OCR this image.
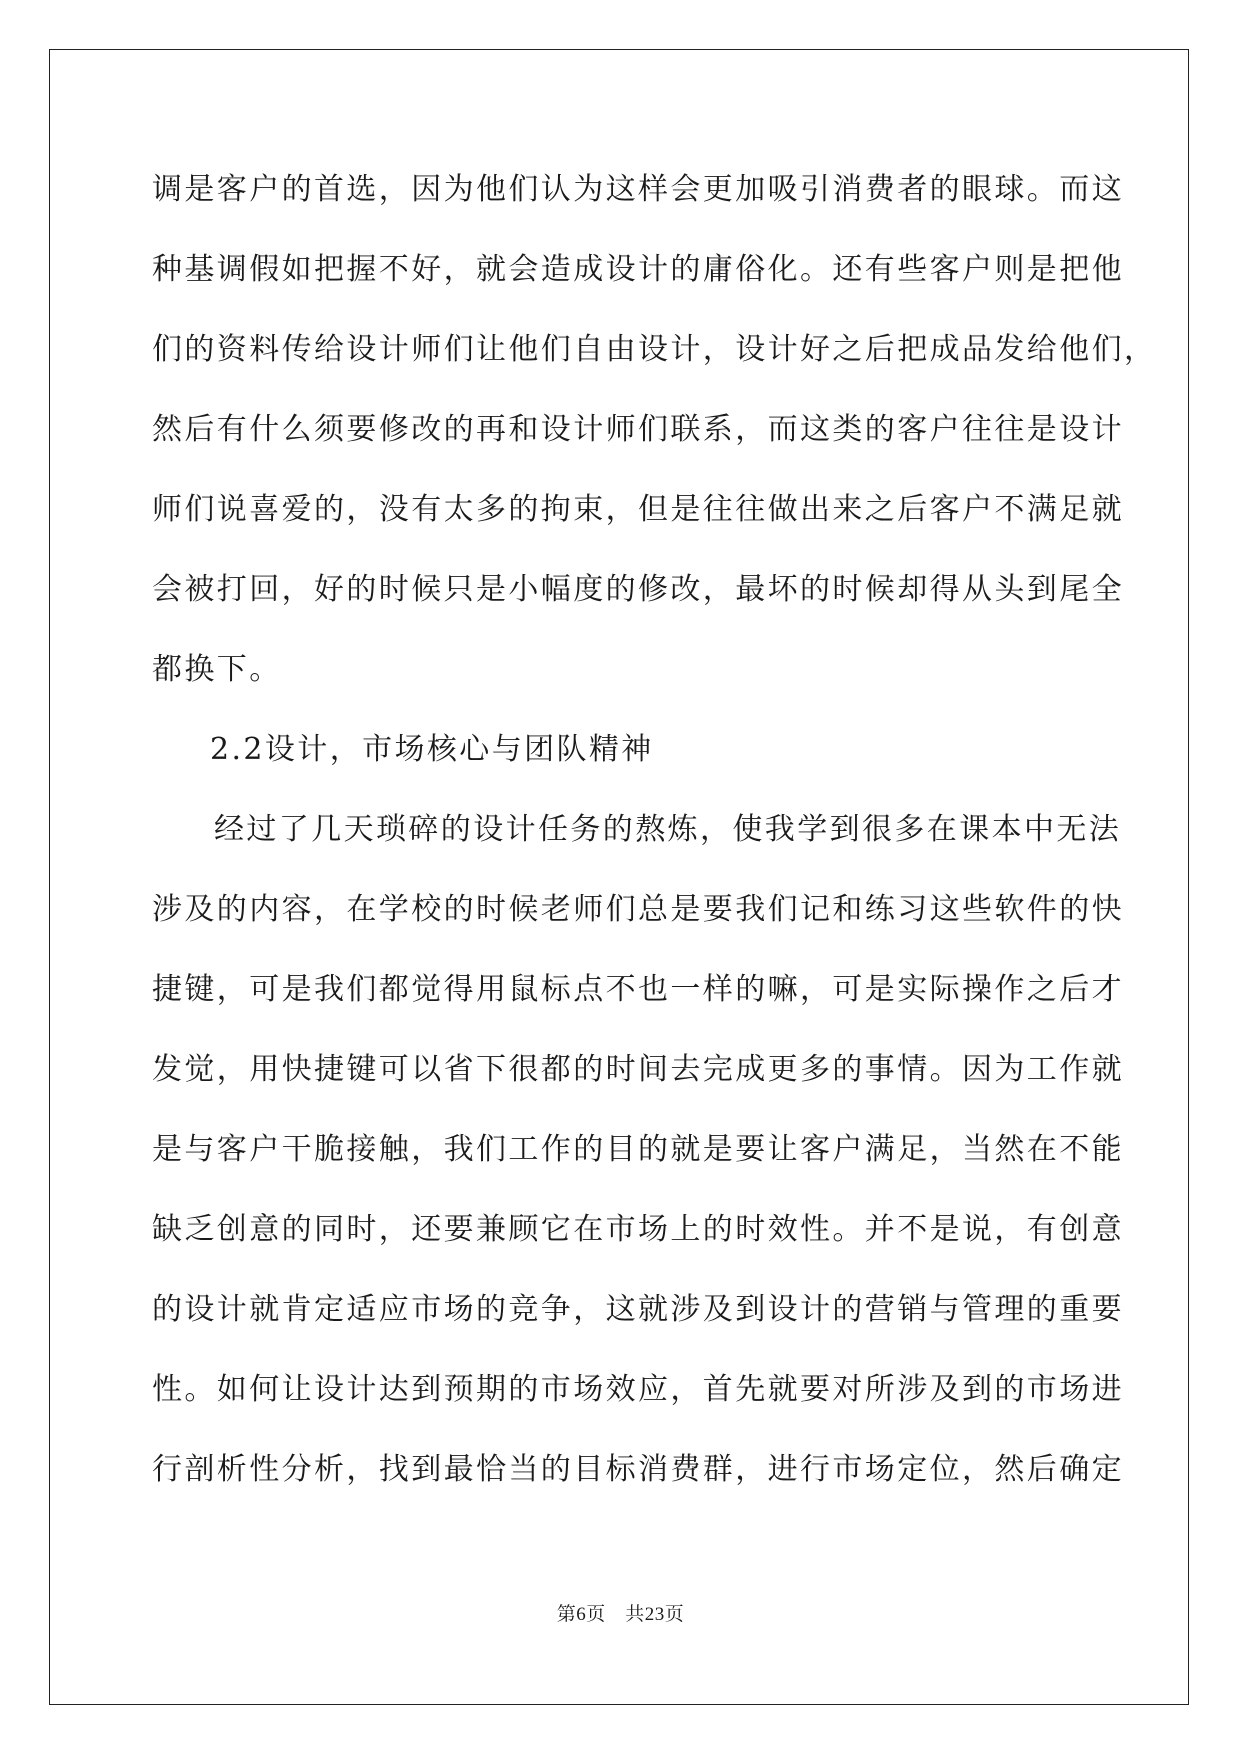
调是客户的首选，因为他们认为这样会更加吸引消费者的眼球。而这
种基调假如把握不好，就会造成设计的庸俗化。还有些客户则是把他
们的资料传给设计师们让他们自由设计，设计好之后把成品发给他们，
然后有什么须要修改的再和设计师们联系，而这类的客户往往是设计
师们说喜爱的，没有太多的拘束，但是往往做出来之后客户不满足就
会被打回，好的时候只是小幅度的修改，最坏的时候却得从头到尾全
都换下。
2.2设计，市场核心与团队精神
经过了几天琐碎的设计任务的熬炼，使我学到很多在课本中无法
涉及的内容，在学校的时候老师们总是要我们记和练习这些软件的快
捷键，可是我们都觉得用鼠标点不也一样的嘛，可是实际操作之后才
发觉，用快捷键可以省下很都的时间去完成更多的事情。因为工作就
是与客户干脆接触，我们工作的目的就是要让客户满足，当然在不能
缺乏创意的同时，还要兼顾它在市场上的时效性。并不是说，有创意
的设计就肯定适应市场的竞争，这就涉及到设计的营销与管理的重要
性。如何让设计达到预期的市场效应，首先就要对所涉及到的市场进
行剖析性分析，找到最恰当的目标消费群，进行市场定位，然后确定
第6页　共23页
